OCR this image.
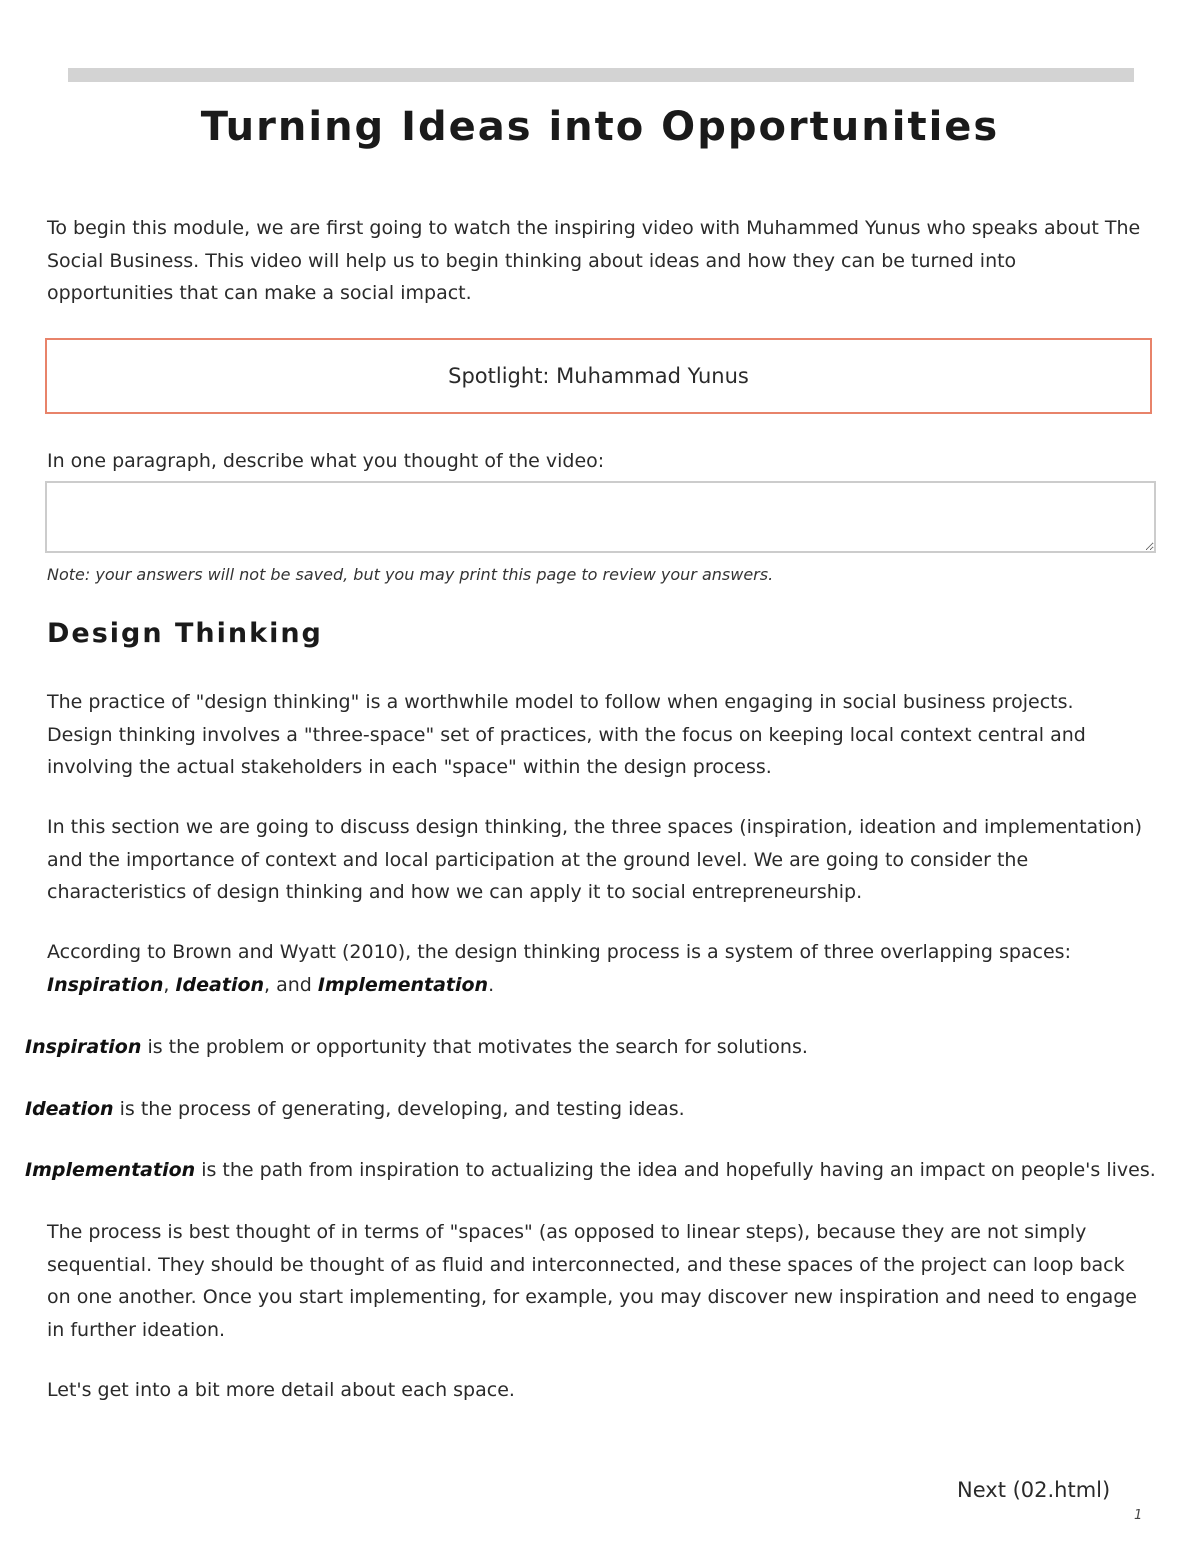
Turning Ideas into Opportunities

To begin this module, we are first going to watch the inspiring video with Muhammed Yunus who speaks about The Social Business. This video will help us to begin thinking about ideas and how they can be turned into opportunities that can make a social impact.

Spotlight: Muhammad Yunus
In one paragraph, describe what you thought of the video:
Note: your answers will not be saved, but you may print this page to review your answers.
Design Thinking

The practice of "design thinking" is a worthwhile model to follow when engaging in social business projects. Design thinking involves a "three-space" set of practices, with the focus on keeping local context central and involving the actual stakeholders in each "space" within the design process.

In this section we are going to discuss design thinking, the three spaces (inspiration, ideation and implementation) and the importance of context and local participation at the ground level. We are going to consider the characteristics of design thinking and how we can apply it to social entrepreneurship.

According to Brown and Wyatt (2010), the design thinking process is a system of three overlapping spaces:
Inspiration, Ideation, and Implementation.

Inspiration is the problem or opportunity that motivates the search for solutions.

Ideation is the process of generating, developing, and testing ideas.

Implementation is the path from inspiration to actualizing the idea and hopefully having an impact on people's lives.

The process is best thought of in terms of "spaces" (as opposed to linear steps), because they are not simply sequential. They should be thought of as fluid and interconnected, and these spaces of the project can loop back on one another. Once you start implementing, for example, you may discover new inspiration and need to engage in further ideation.

Let's get into a bit more detail about each space.

Next (02.html)
1
